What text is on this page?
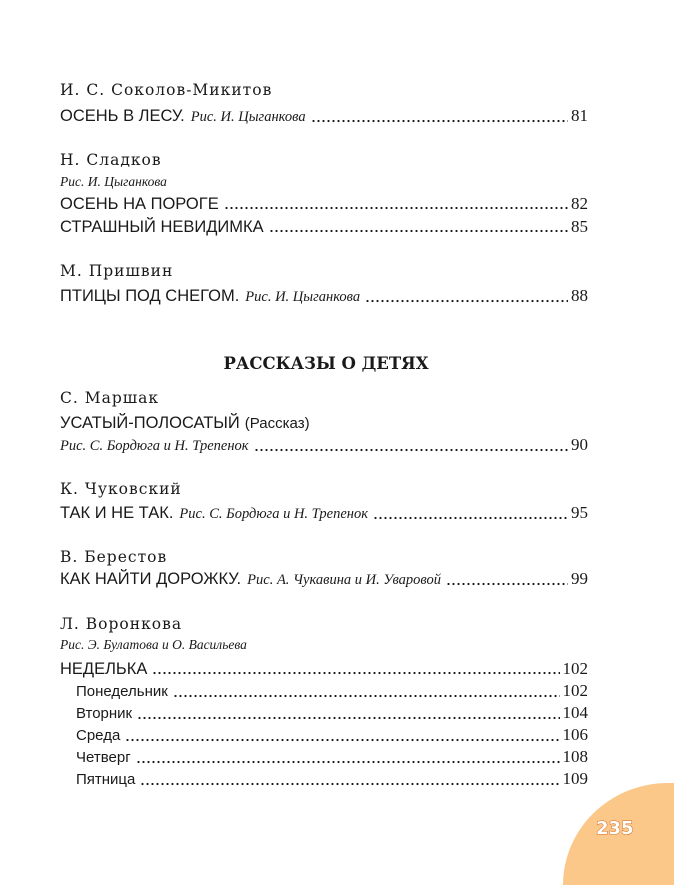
И. С. Соколов-Микитов
ОСЕНЬ В ЛЕСУ. Рис. И. Цыганкова	81
Н. Сладков
Рис. И. Цыганкова
ОСЕНЬ НА ПОРОГЕ	82
СТРАШНЫЙ НЕВИДИМКА	85
М. Пришвин
ПТИЦЫ ПОД СНЕГОМ. Рис. И. Цыганкова	88
РАССКАЗЫ О ДЕТЯХ
С. Маршак
УСАТЫЙ-ПОЛОСАТЫЙ (Рассказ)
Рис. С. Бордюга и Н. Трепенок	90
К. Чуковский
ТАК И НЕ ТАК. Рис. С. Бордюга и Н. Трепенок	95
В. Берестов
КАК НАЙТИ ДОРОЖКУ. Рис. А. Чукавина и И. Уваровой	99
Л. Воронкова
Рис. Э. Булатова и О. Васильева
НЕДЕЛЬКА	102
Понедельник	102
Вторник	104
Среда	106
Четверг	108
Пятница	109
235
